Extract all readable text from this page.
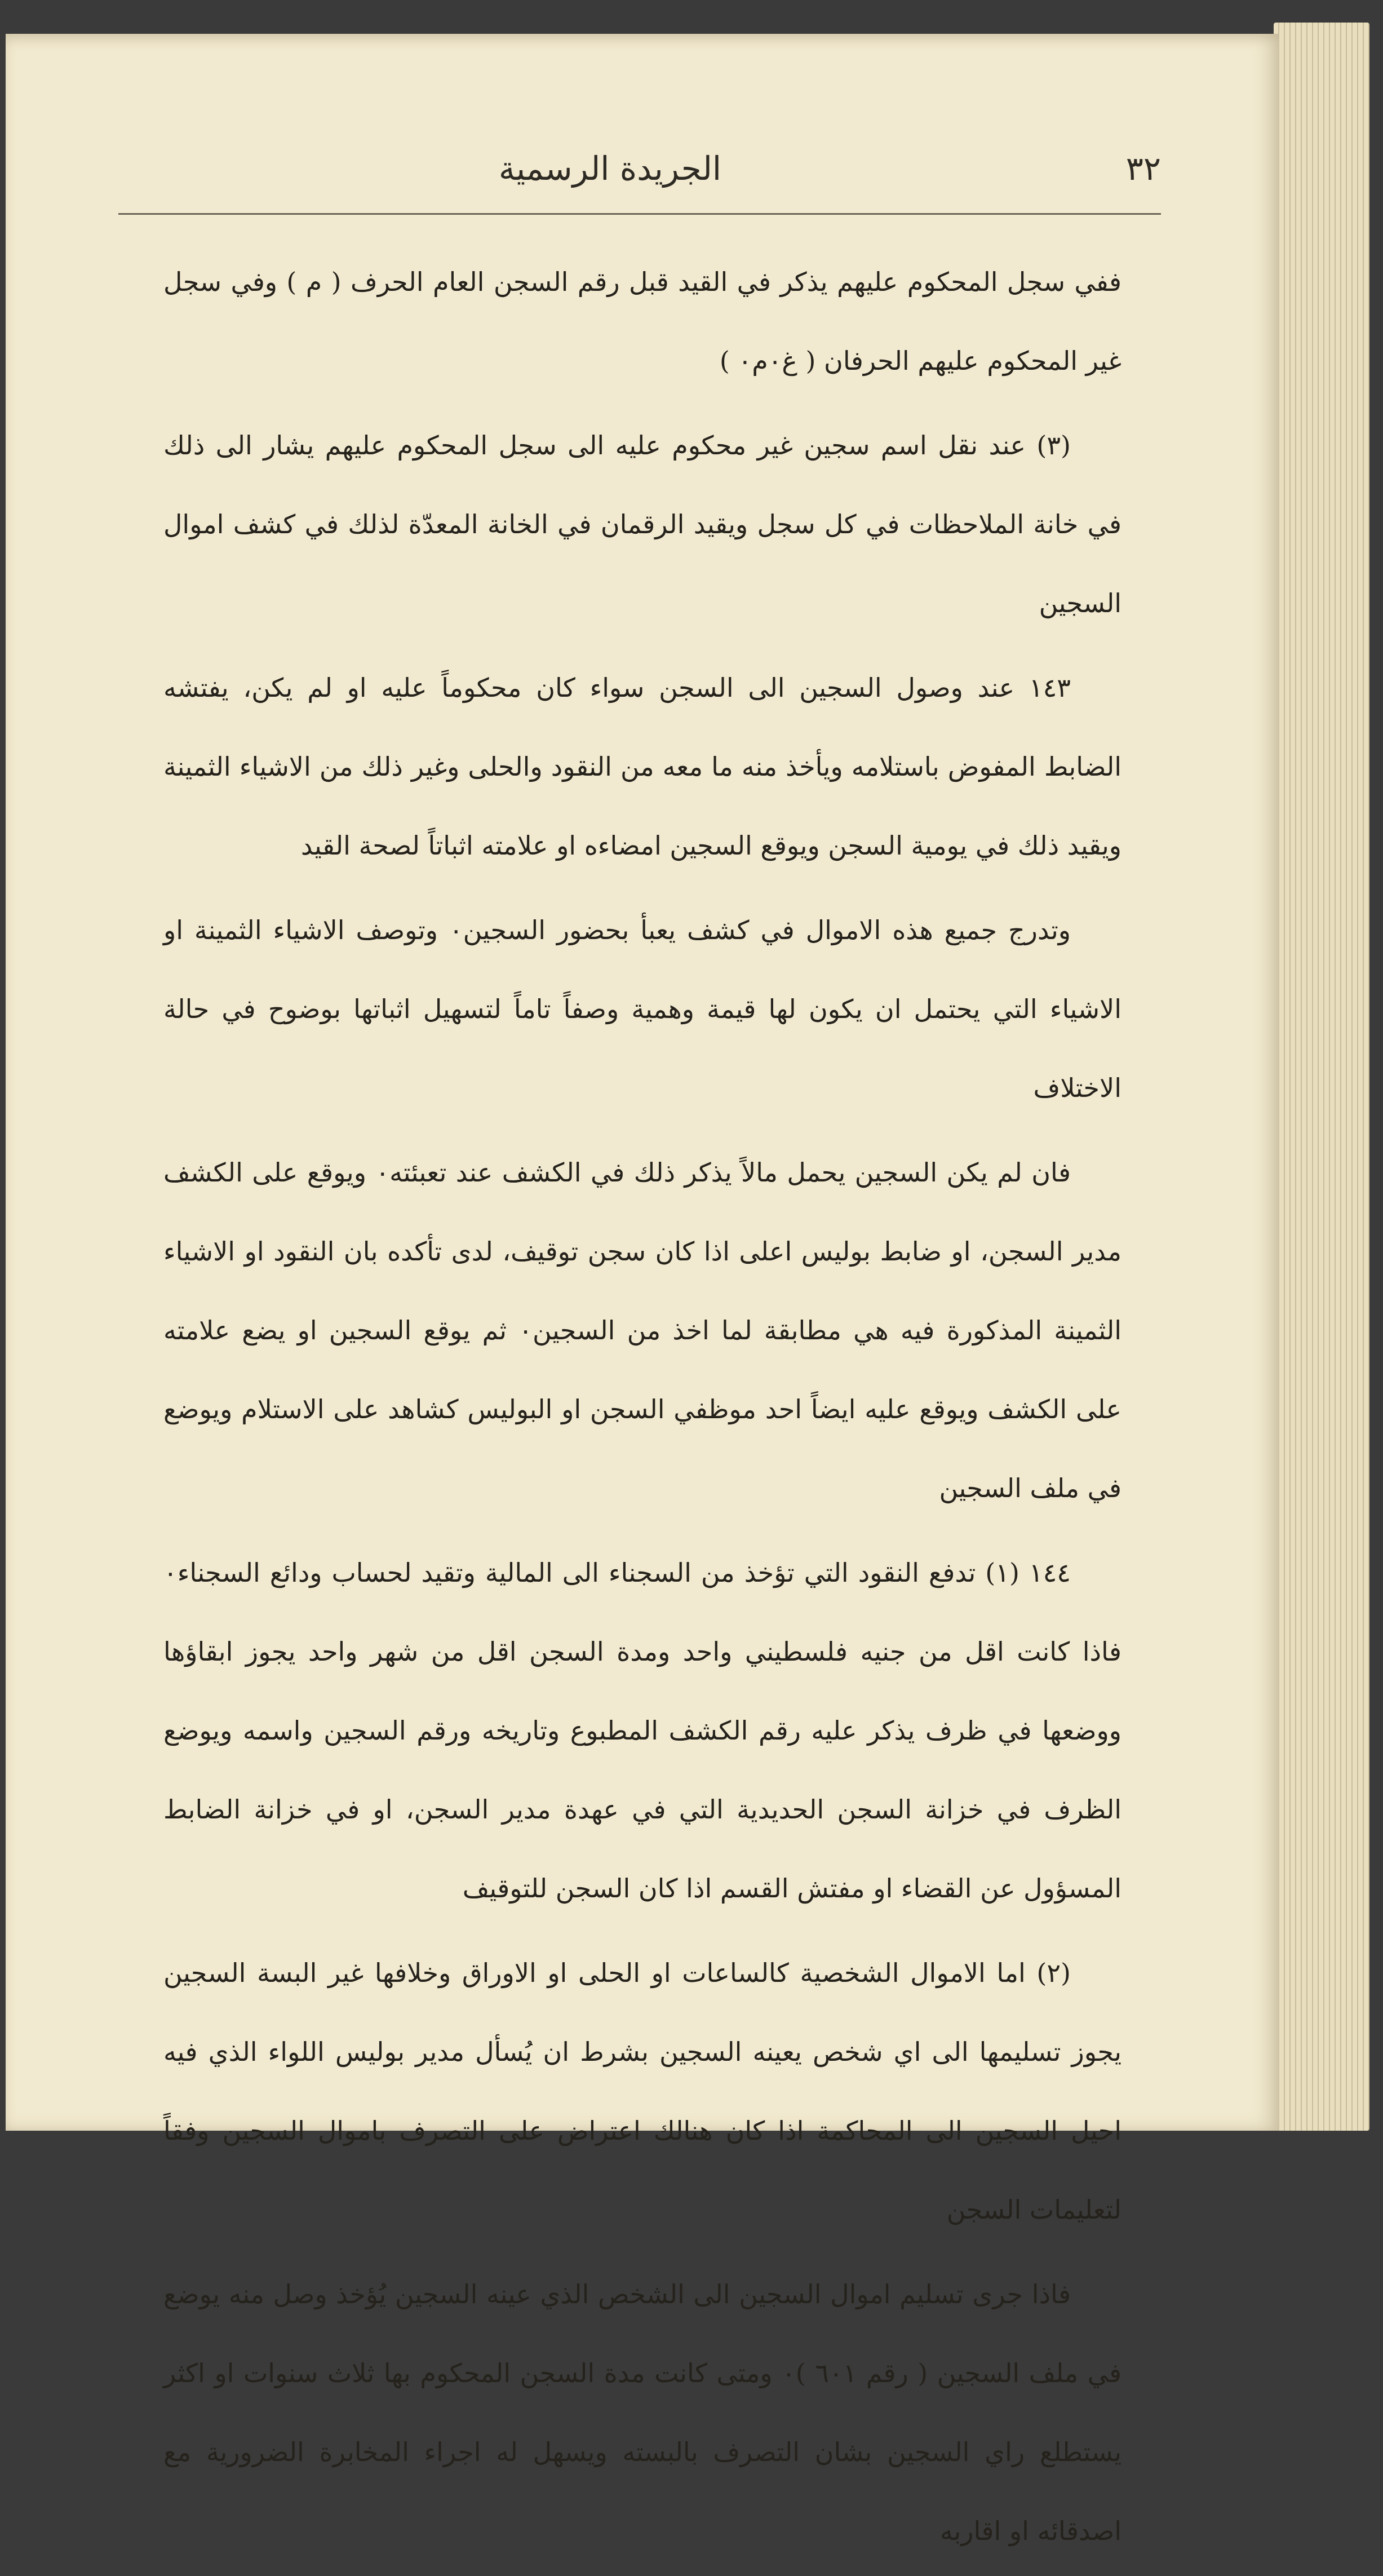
٣٢
الجريدة الرسمية

ففي سجل المحكوم عليهم يذكر في القيد قبل رقم السجن العام الحرف ( م ) وفي سجل غير المحكوم عليهم الحرفان ( غ٠م٠ )

(٣) عند نقل اسم سجين غير محكوم عليه الى سجل المحكوم عليهم يشار الى ذلك في خانة الملاحظات في كل سجل ويقيد الرقمان في الخانة المعدّة لذلك في كشف اموال السجين

١٤٣ عند وصول السجين الى السجن سواء كان محكوماً عليه او لم يكن، يفتشه الضابط المفوض باستلامه ويأخذ منه ما معه من النقود والحلى وغير ذلك من الاشياء الثمينة ويقيد ذلك في يومية السجن ويوقع السجين امضاءه او علامته اثباتاً لصحة القيد

وتدرج جميع هذه الاموال في كشف يعبأ بحضور السجين٠ وتوصف الاشياء الثمينة او الاشياء التي يحتمل ان يكون لها قيمة وهمية وصفاً تاماً لتسهيل اثباتها بوضوح في حالة الاختلاف

فان لم يكن السجين يحمل مالاً يذكر ذلك في الكشف عند تعبئته٠ ويوقع على الكشف مدير السجن، او ضابط بوليس اعلى اذا كان سجن توقيف، لدى تأكده بان النقود او الاشياء الثمينة المذكورة فيه هي مطابقة لما اخذ من السجين٠ ثم يوقع السجين او يضع علامته على الكشف ويوقع عليه ايضاً احد موظفي السجن او البوليس كشاهد على الاستلام ويوضع في ملف السجين

١٤٤ (١) تدفع النقود التي تؤخذ من السجناء الى المالية وتقيد لحساب ودائع السجناء٠ فاذا كانت اقل من جنيه فلسطيني واحد ومدة السجن اقل من شهر واحد يجوز ابقاؤها ووضعها في ظرف يذكر عليه رقم الكشف المطبوع وتاريخه ورقم السجين واسمه ويوضع الظرف في خزانة السجن الحديدية التي في عهدة مدير السجن، او في خزانة الضابط المسؤول عن القضاء او مفتش القسم اذا كان السجن للتوقيف

(٢) اما الاموال الشخصية كالساعات او الحلى او الاوراق وخلافها غير البسة السجين يجوز تسليمها الى اي شخص يعينه السجين بشرط ان يُسأل مدير بوليس اللواء الذي فيه احيل السجين الى المحاكمة اذا كان هنالك اعتراض على التصرف باموال السجين وفقاً لتعليمات السجن

فاذا جرى تسليم اموال السجين الى الشخص الذي عينه السجين يُؤخذ وصل منه يوضع في ملف السجين ( رقم ٦٠١ )٠ ومتى كانت مدة السجن المحكوم بها ثلاث سنوات او اكثر يستطلع راي السجين بشان التصرف بالبسته ويسهل له اجراء المخابرة الضرورية مع اصدقائه او اقاربه
